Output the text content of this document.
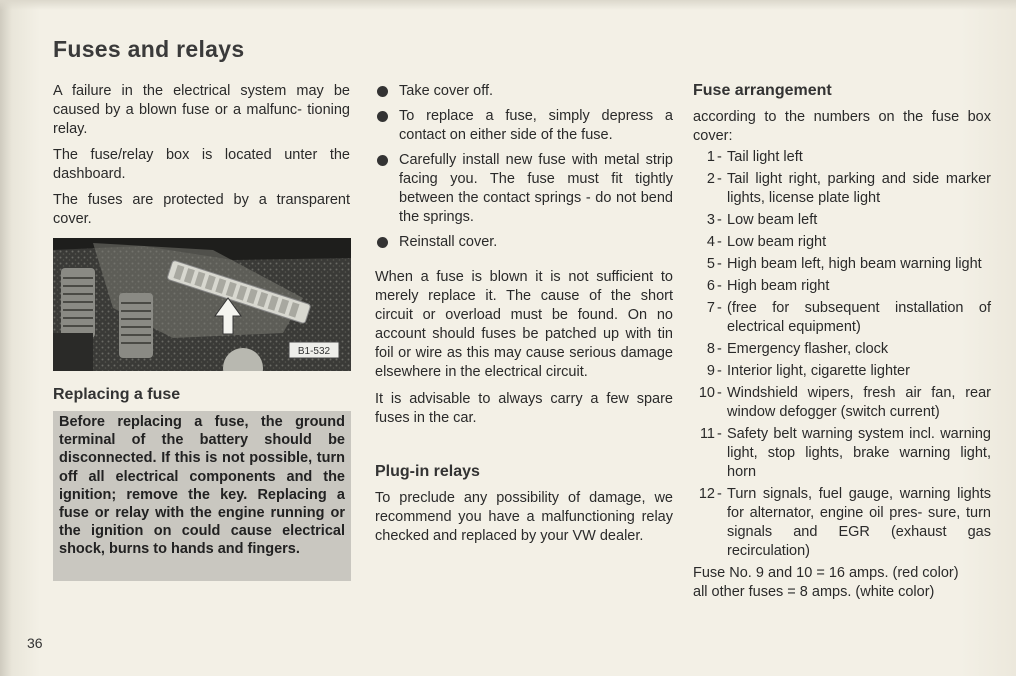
Fuses and relays

A failure in the electrical system may be caused by a blown fuse or a malfunc- tioning relay.

The fuse/relay box is located unter the dashboard.

The fuses are protected by a transparent cover.

B1-532
Replacing a fuse

Before replacing a fuse, the ground terminal of the battery should be disconnected. If this is not possible, turn off all electrical components and the ignition; remove the key. Replacing a fuse or relay with the engine running or the ignition on could cause electrical shock, burns to hands and fingers.

Take cover off.
To replace a fuse, simply depress a contact on either side of the fuse.
Carefully install new fuse with metal strip facing you. The fuse must fit tightly between the contact springs - do not bend the springs.
Reinstall cover.

When a fuse is blown it is not sufficient to merely replace it. The cause of the short circuit or overload must be found. On no account should fuses be patched up with tin foil or wire as this may cause serious damage elsewhere in the electrical circuit.

It is advisable to always carry a few spare fuses in the car.

Plug-in relays

To preclude any possibility of damage, we recommend you have a malfunctioning relay checked and replaced by your VW dealer.

Fuse arrangement

according to the numbers on the fuse box cover:

1 - Tail light left
2 - Tail light right, parking and side marker lights, license plate light
3 - Low beam left
4 - Low beam right
5 - High beam left, high beam warning light
6 - High beam right
7 - (free for subsequent installation of electrical equipment)
8 - Emergency flasher, clock
9 - Interior light, cigarette lighter
10 - Windshield wipers, fresh air fan, rear window defogger (switch current)
11 - Safety belt warning system incl. warning light, stop lights, brake warning light, horn
12 - Turn signals, fuel gauge, warning lights for alternator, engine oil pres- sure, turn signals and EGR (exhaust gas recirculation)

Fuse No. 9 and 10 = 16 amps. (red color)

all other fuses = 8 amps. (white color)

36
